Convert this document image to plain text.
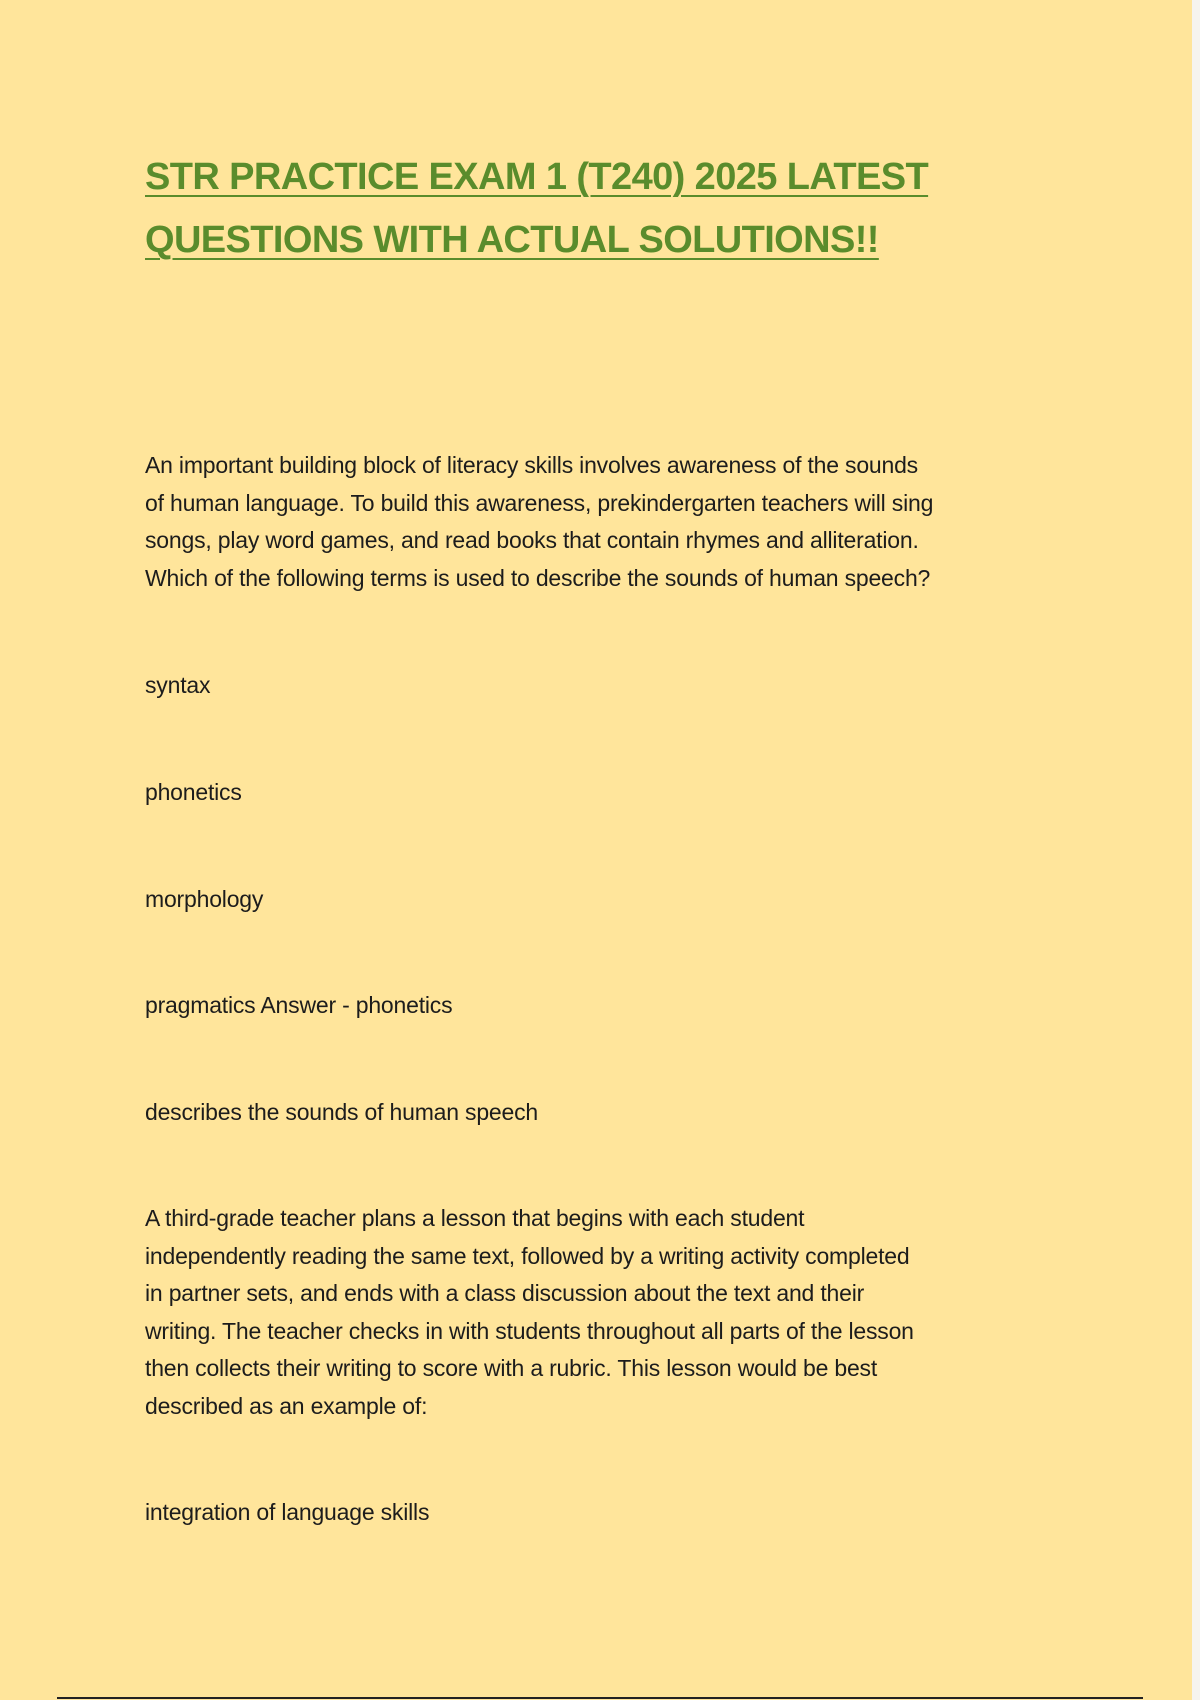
STR PRACTICE EXAM 1 (T240) 2025 LATEST
QUESTIONS WITH ACTUAL SOLUTIONS!!
An important building block of literacy skills involves awareness of the sounds
of human language. To build this awareness, prekindergarten teachers will sing
songs, play word games, and read books that contain rhymes and alliteration.
Which of the following terms is used to describe the sounds of human speech?
syntax
phonetics
morphology
pragmatics Answer - phonetics
describes the sounds of human speech
A third-grade teacher plans a lesson that begins with each student
independently reading the same text, followed by a writing activity completed
in partner sets, and ends with a class discussion about the text and their
writing. The teacher checks in with students throughout all parts of the lesson
then collects their writing to score with a rubric. This lesson would be best
described as an example of:
integration of language skills
